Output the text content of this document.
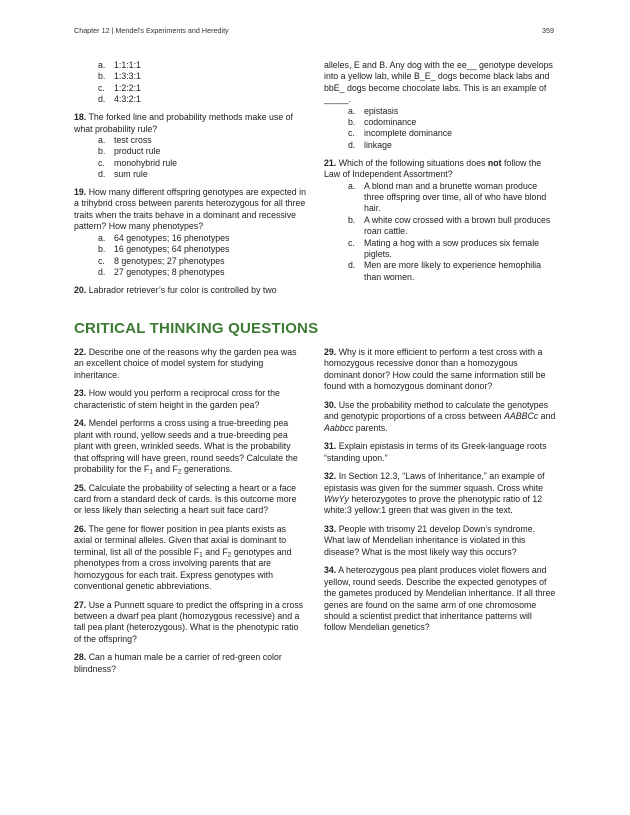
Chapter 12 | Mendel's Experiments and Heredity	359
a. 1:1:1:1
b. 1:3:3:1
c.	1:2:2:1
d. 4:3:2:1
18. The forked line and probability methods make use of what probability rule?
a. test cross
b. product rule
c.	monohybrid rule
d. sum rule
19. How many different offspring genotypes are expected in a trihybrid cross between parents heterozygous for all three traits when the traits behave in a dominant and recessive pattern? How many phenotypes?
a. 64 genotypes; 16 phenotypes
b. 16 genotypes; 64 phenotypes
c.	8 genotypes; 27 phenotypes
d. 27 genotypes; 8 phenotypes
20. Labrador retriever’s fur color is controlled by two
alleles, E and B. Any dog with the ee__ genotype develops into a yellow lab, while B_E_ dogs become black labs and bbE_ dogs become chocolate labs. This is an example of _____.
a. epistasis
b. codominance
c.	incomplete dominance
d. linkage
21. Which of the following situations does not follow the Law of Independent Assortment?
a. A blond man and a brunette woman produce three offspring over time, all of who have blond hair.
b. A white cow crossed with a brown bull produces roan cattle.
c.	Mating a hog with a sow produces six female piglets.
d. Men are more likely to experience hemophilia than women.
CRITICAL THINKING QUESTIONS
22. Describe one of the reasons why the garden pea was an excellent choice of model system for studying inheritance.
23. How would you perform a reciprocal cross for the characteristic of stem height in the garden pea?
24. Mendel performs a cross using a true-breeding pea plant with round, yellow seeds and a true-breeding pea plant with green, wrinkled seeds. What is the probability that offspring will have green, round seeds? Calculate the probability for the $F_1$ and $F_2$ generations.
25. Calculate the probability of selecting a heart or a face card from a standard deck of cards. Is this outcome more or less likely than selecting a heart suit face card?
26. The gene for flower position in pea plants exists as axial or terminal alleles. Given that axial is dominant to terminal, list all of the possible $F_1$ and $F_2$ genotypes and phenotypes from a cross involving parents that are homozygous for each trait. Express genotypes with conventional genetic abbreviations.
27. Use a Punnett square to predict the offspring in a cross between a dwarf pea plant (homozygous recessive) and a tall pea plant (heterozygous). What is the phenotypic ratio of the offspring?
28. Can a human male be a carrier of red-green color blindness?
29. Why is it more efficient to perform a test cross with a homozygous recessive donor than a homozygous dominant donor? How could the same information still be found with a homozygous dominant donor?
30. Use the probability method to calculate the genotypes and genotypic proportions of a cross between AABBCc and Aabbcc parents.
31. Explain epistasis in terms of its Greek-language roots “standing upon.”
32. In Section 12.3, “Laws of Inheritance,” an example of epistasis was given for the summer squash. Cross white WwYy heterozygotes to prove the phenotypic ratio of 12 white:3 yellow:1 green that was given in the text.
33. People with trisomy 21 develop Down’s syndrome. What law of Mendelian inheritance is violated in this disease? What is the most likely way this occurs?
34. A heterozygous pea plant produces violet flowers and yellow, round seeds. Describe the expected genotypes of the gametes produced by Mendelian inheritance. If all three genes are found on the same arm of one chromosome should a scientist predict that inheritance patterns will follow Mendelian genetics?
